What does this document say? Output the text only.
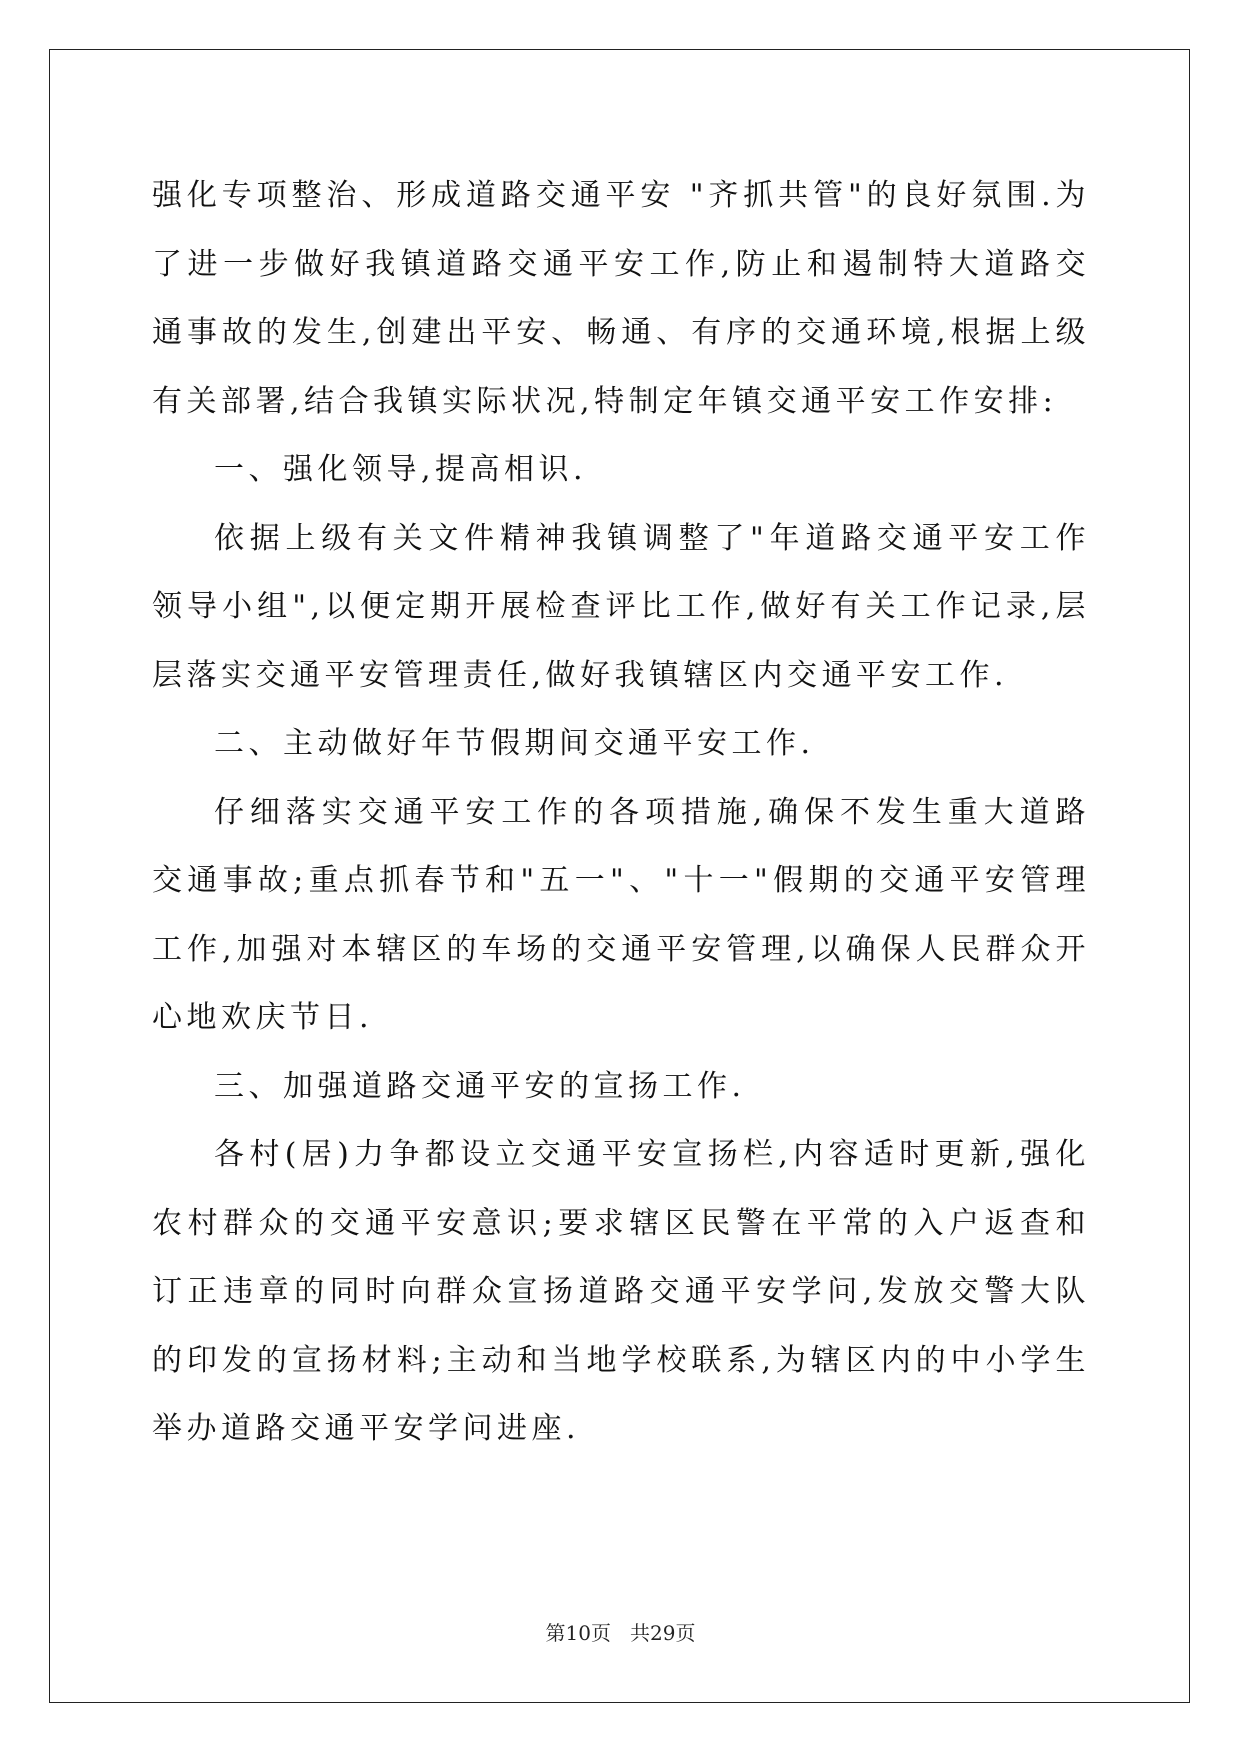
强化专项整治、形成道路交通平安 "齐抓共管"的良好氛围.为了进一步做好我镇道路交通平安工作,防止和遏制特大道路交通事故的发生,创建出平安、畅通、有序的交通环境,根据上级有关部署,结合我镇实际状况,特制定年镇交通平安工作安排:

一、强化领导,提高相识.

依据上级有关文件精神我镇调整了"年道路交通平安工作领导小组",以便定期开展检查评比工作,做好有关工作记录,层层落实交通平安管理责任,做好我镇辖区内交通平安工作.

二、主动做好年节假期间交通平安工作.

仔细落实交通平安工作的各项措施,确保不发生重大道路交通事故;重点抓春节和"五一"、"十一"假期的交通平安管理工作,加强对本辖区的车场的交通平安管理,以确保人民群众开心地欢庆节日.

三、加强道路交通平安的宣扬工作.

各村(居)力争都设立交通平安宣扬栏,内容适时更新,强化农村群众的交通平安意识;要求辖区民警在平常的入户返查和订正违章的同时向群众宣扬道路交通平安学问,发放交警大队的印发的宣扬材料;主动和当地学校联系,为辖区内的中小学生举办道路交通平安学问进座.

第10页   共29页
